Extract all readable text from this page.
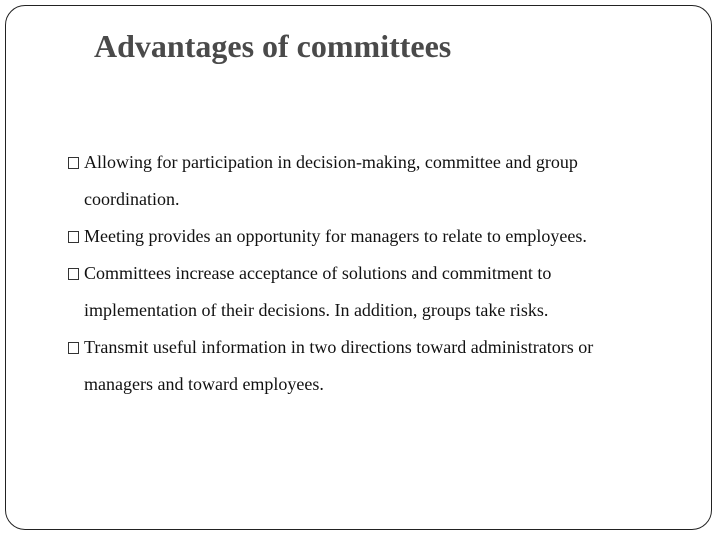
Advantages of committees
Allowing for participation in decision-making, committee and group
coordination.
Meeting provides an opportunity for managers to relate to employees.
Committees increase acceptance of solutions and commitment to
implementation of their decisions. In addition, groups take risks.
Transmit useful information in two directions toward administrators or
managers and toward employees.
